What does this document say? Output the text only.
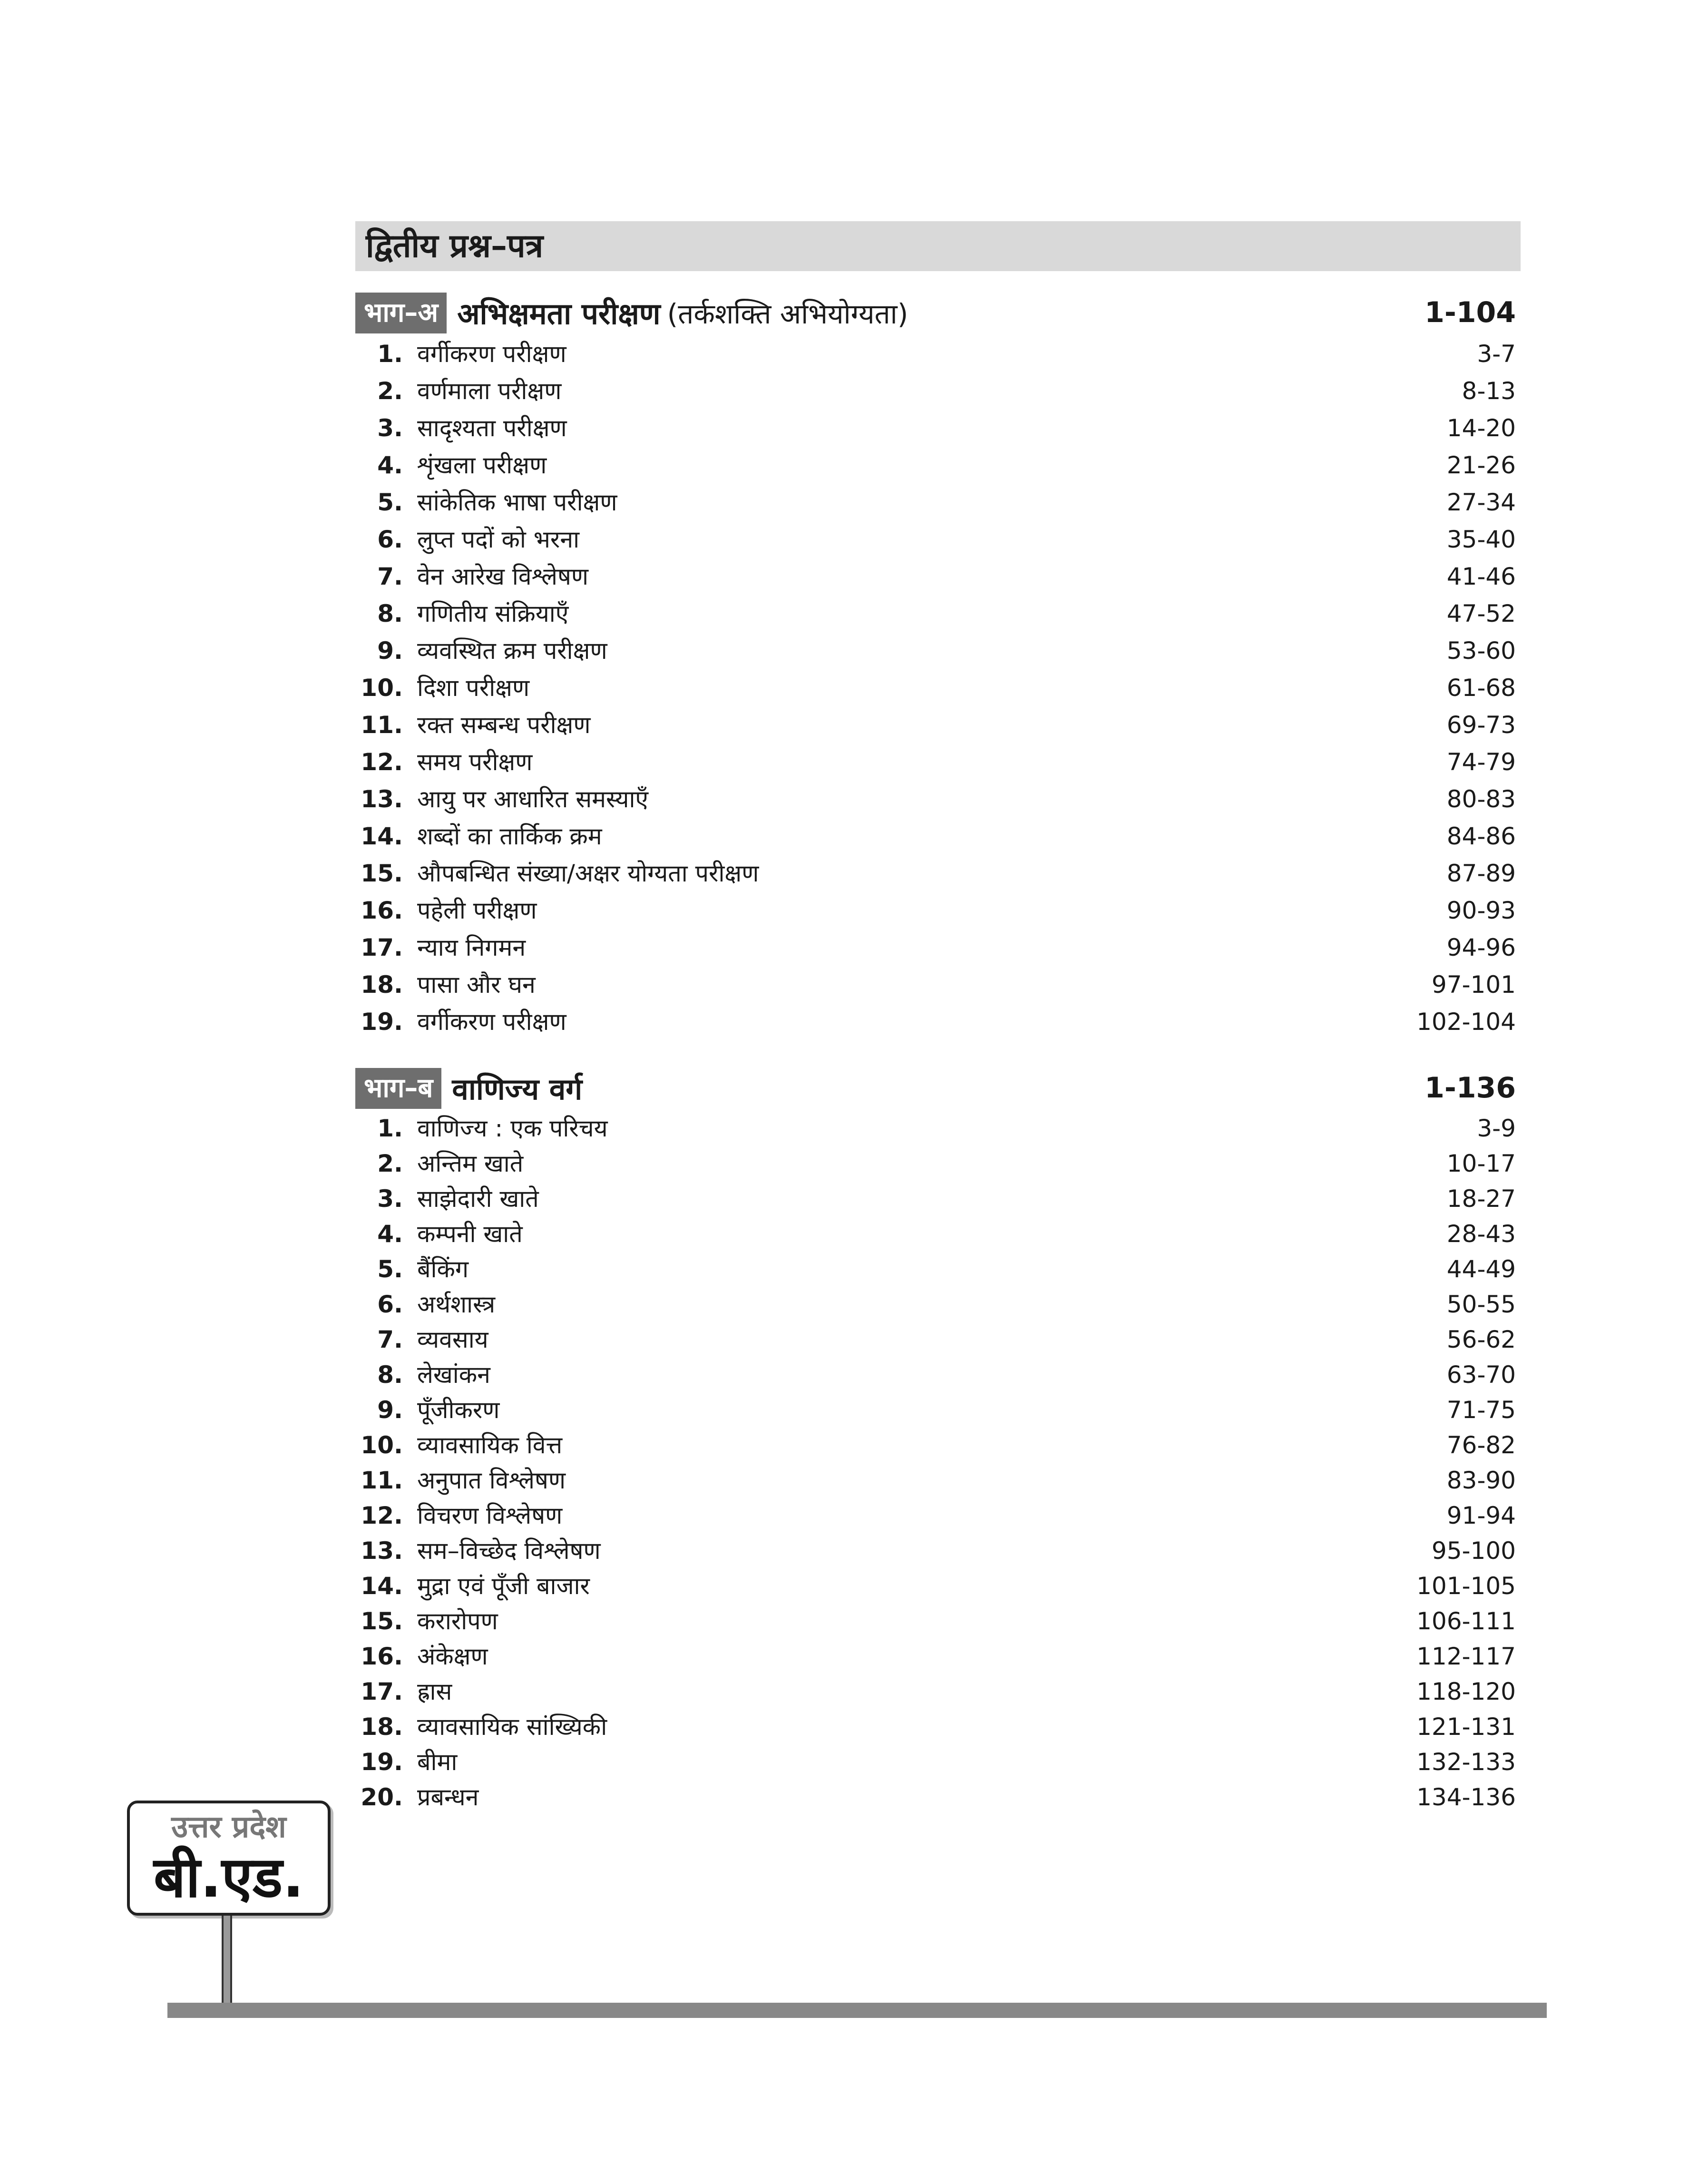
द्वितीय प्रश्न–पत्र
भाग–अ अभिक्षमता परीक्षण (तर्कशक्ति अभियोग्यता)	1-104
1. वर्गीकरण परीक्षण	3-7
2. वर्णमाला परीक्षण	8-13
3. सादृश्यता परीक्षण	14-20
4. शृंखला परीक्षण	21-26
5. सांकेतिक भाषा परीक्षण	27-34
6. लुप्त पदों को भरना	35-40
7. वेन आरेख विश्लेषण	41-46
8. गणितीय संक्रियाएँ	47-52
9. व्यवस्थित क्रम परीक्षण	53-60
10. दिशा परीक्षण	61-68
11. रक्त सम्बन्ध परीक्षण	69-73
12. समय परीक्षण	74-79
13. आयु पर आधारित समस्याएँ	80-83
14. शब्दों का तार्किक क्रम	84-86
15. औपबन्धित संख्या/अक्षर योग्यता परीक्षण	87-89
16. पहेली परीक्षण	90-93
17. न्याय निगमन	94-96
18. पासा और घन	97-101
19. वर्गीकरण परीक्षण	102-104
भाग–ब वाणिज्य वर्ग	1-136
1. वाणिज्य : एक परिचय	3-9
2. अन्तिम खाते	10-17
3. साझेदारी खाते	18-27
4. कम्पनी खाते	28-43
5. बैंकिंग	44-49
6. अर्थशास्त्र	50-55
7. व्यवसाय	56-62
8. लेखांकन	63-70
9. पूँजीकरण	71-75
10. व्यावसायिक वित्त	76-82
11. अनुपात विश्लेषण	83-90
12. विचरण विश्लेषण	91-94
13. सम–विच्छेद विश्लेषण	95-100
14. मुद्रा एवं पूँजी बाजार	101-105
15. करारोपण	106-111
16. अंकेक्षण	112-117
17. ह्रास	118-120
18. व्यावसायिक सांख्यिकी	121-131
19. बीमा	132-133
20. प्रबन्धन	134-136
उत्तर प्रदेश
बी.एड.
